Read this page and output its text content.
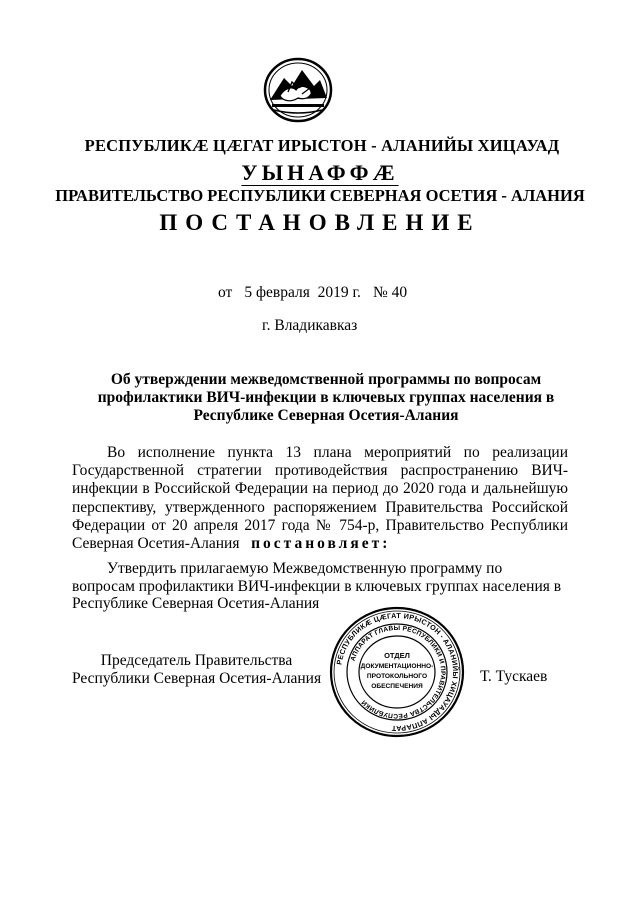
РЕСПУБЛИКÆ ЦÆГАТ ИРЫСТОН - АЛАНИЙЫ ХИЦАУАД
УЫНАФФÆ
ПРАВИТЕЛЬСТВО РЕСПУБЛИКИ СЕВЕРНАЯ ОСЕТИЯ - АЛАНИЯ
ПОСТАНОВЛЕНИЕ
от 5 февраля 2019 г. № 40
г. Владикавказ
Об утверждении межведомственной программы по вопросам профилактики ВИЧ-инфекции в ключевых группах населения в Республике Северная Осетия-Алания
Во исполнение пункта 13 плана мероприятий по реализации Государственной стратегии противодействия распространению ВИЧ-инфекции в Российской Федерации на период до 2020 года и дальнейшую перспективу, утвержденного распоряжением Правительства Российской Федерации от 20 апреля 2017 года № 754-р, Правительство Республики Северная Осетия-Алания постановляет:
Утвердить прилагаемую Межведомственную программу по вопросам профилактики ВИЧ-инфекции в ключевых группах населения в Республике Северная Осетия-Алания
Председатель Правительства
Республики Северная Осетия-Алания	Т. Тускаев
РЕСПУБЛИКÆ ЦÆГАТ ИРЫСТОН - АЛАНИЙЫ ХИЦАУАДЫ АППАРАТ
АППАРАТ ГЛАВЫ РЕСПУБЛИКИ И ПРАВИТЕЛЬСТВА РЕСПУБЛИКИ
ОТДЕЛ
ДОКУМЕНТАЦИОННО-
ПРОТОКОЛЬНОГО
ОБЕСПЕЧЕНИЯ
